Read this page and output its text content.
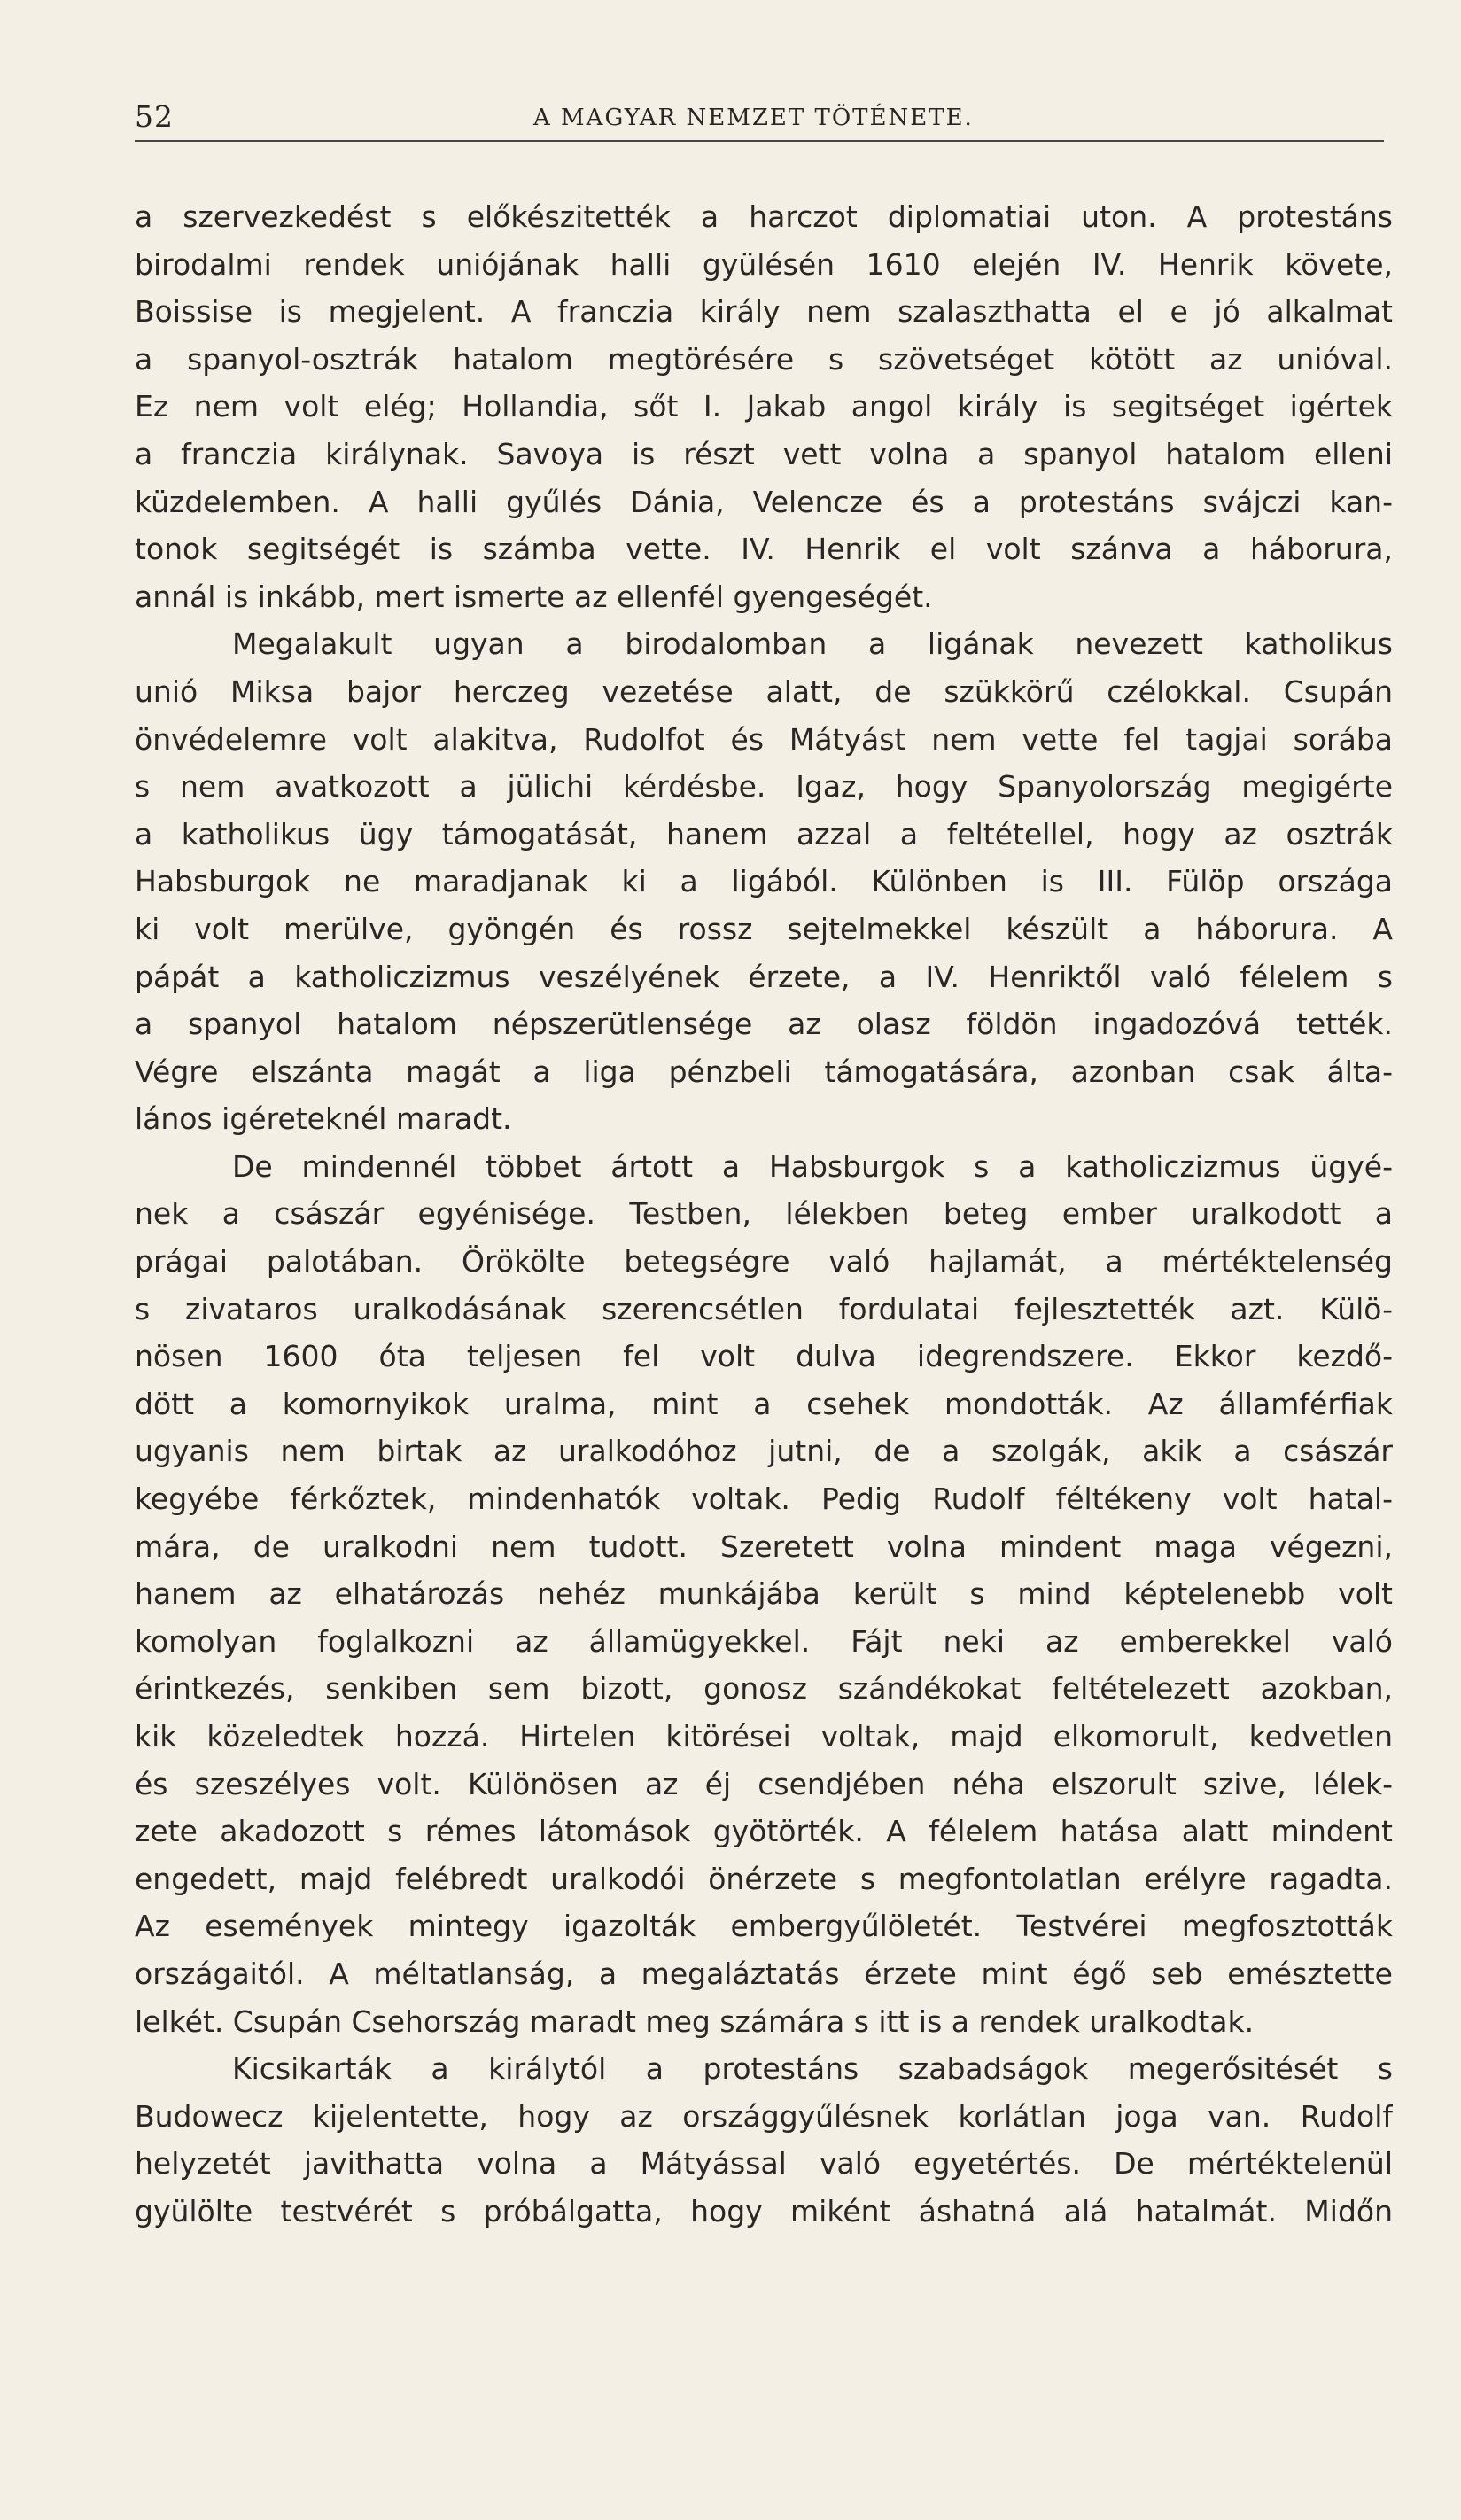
52	A MAGYAR NEMZET TÖTÉNETE.
a szervezkedést s előkészitették a harczot diplomatiai uton. A protestáns
birodalmi rendek uniójának halli gyülésén 1610 elején IV. Henrik követe,
Boissise is megjelent. A franczia király nem szalaszthatta el e jó alkalmat
a spanyol-osztrák hatalom megtörésére s szövetséget kötött az unióval.
Ez nem volt elég; Hollandia, sőt I. Jakab angol király is segitséget igértek
a franczia királynak. Savoya is részt vett volna a spanyol hatalom elleni
küzdelemben. A halli gyűlés Dánia, Velencze és a protestáns svájczi kan-
tonok segitségét is számba vette. IV. Henrik el volt szánva a háborura,
annál is inkább, mert ismerte az ellenfél gyengeségét.
Megalakult ugyan a birodalomban a ligának nevezett katholikus
unió Miksa bajor herczeg vezetése alatt, de szükkörű czélokkal. Csupán
önvédelemre volt alakitva, Rudolfot és Mátyást nem vette fel tagjai sorába
s nem avatkozott a jülichi kérdésbe. Igaz, hogy Spanyolország megigérte
a katholikus ügy támogatását, hanem azzal a feltétellel, hogy az osztrák
Habsburgok ne maradjanak ki a ligából. Különben is III. Fülöp országa
ki volt merülve, gyöngén és rossz sejtelmekkel készült a háborura. A
pápát a katholiczizmus veszélyének érzete, a IV. Henriktől való félelem s
a spanyol hatalom népszerütlensége az olasz földön ingadozóvá tették.
Végre elszánta magát a liga pénzbeli támogatására, azonban csak álta-
lános igéreteknél maradt.
De mindennél többet ártott a Habsburgok s a katholiczizmus ügyé-
nek a császár egyénisége. Testben, lélekben beteg ember uralkodott a
prágai palotában. Örökölte betegségre való hajlamát, a mértéktelenség
s zivataros uralkodásának szerencsétlen fordulatai fejlesztették azt. Külö-
nösen 1600 óta teljesen fel volt dulva idegrendszere. Ekkor kezdő-
dött a komornyikok uralma, mint a csehek mondották. Az államférfiak
ugyanis nem birtak az uralkodóhoz jutni, de a szolgák, akik a császár
kegyébe férkőztek, mindenhatók voltak. Pedig Rudolf féltékeny volt hatal-
mára, de uralkodni nem tudott. Szeretett volna mindent maga végezni,
hanem az elhatározás nehéz munkájába került s mind képtelenebb volt
komolyan foglalkozni az államügyekkel. Fájt neki az emberekkel való
érintkezés, senkiben sem bizott, gonosz szándékokat feltételezett azokban,
kik közeledtek hozzá. Hirtelen kitörései voltak, majd elkomorult, kedvetlen
és szeszélyes volt. Különösen az éj csendjében néha elszorult szive, lélek-
zete akadozott s rémes látomások gyötörték. A félelem hatása alatt mindent
engedett, majd felébredt uralkodói önérzete s megfontolatlan erélyre ragadta.
Az események mintegy igazolták embergyűlöletét. Testvérei megfosztották
országaitól. A méltatlanság, a megaláztatás érzete mint égő seb emésztette
lelkét. Csupán Csehország maradt meg számára s itt is a rendek uralkodtak.
Kicsikarták a királytól a protestáns szabadságok megerősitését s
Budowecz kijelentette, hogy az országgyűlésnek korlátlan joga van. Rudolf
helyzetét javithatta volna a Mátyással való egyetértés. De mértéktelenül
gyülölte testvérét s próbálgatta, hogy miként áshatná alá hatalmát. Midőn
